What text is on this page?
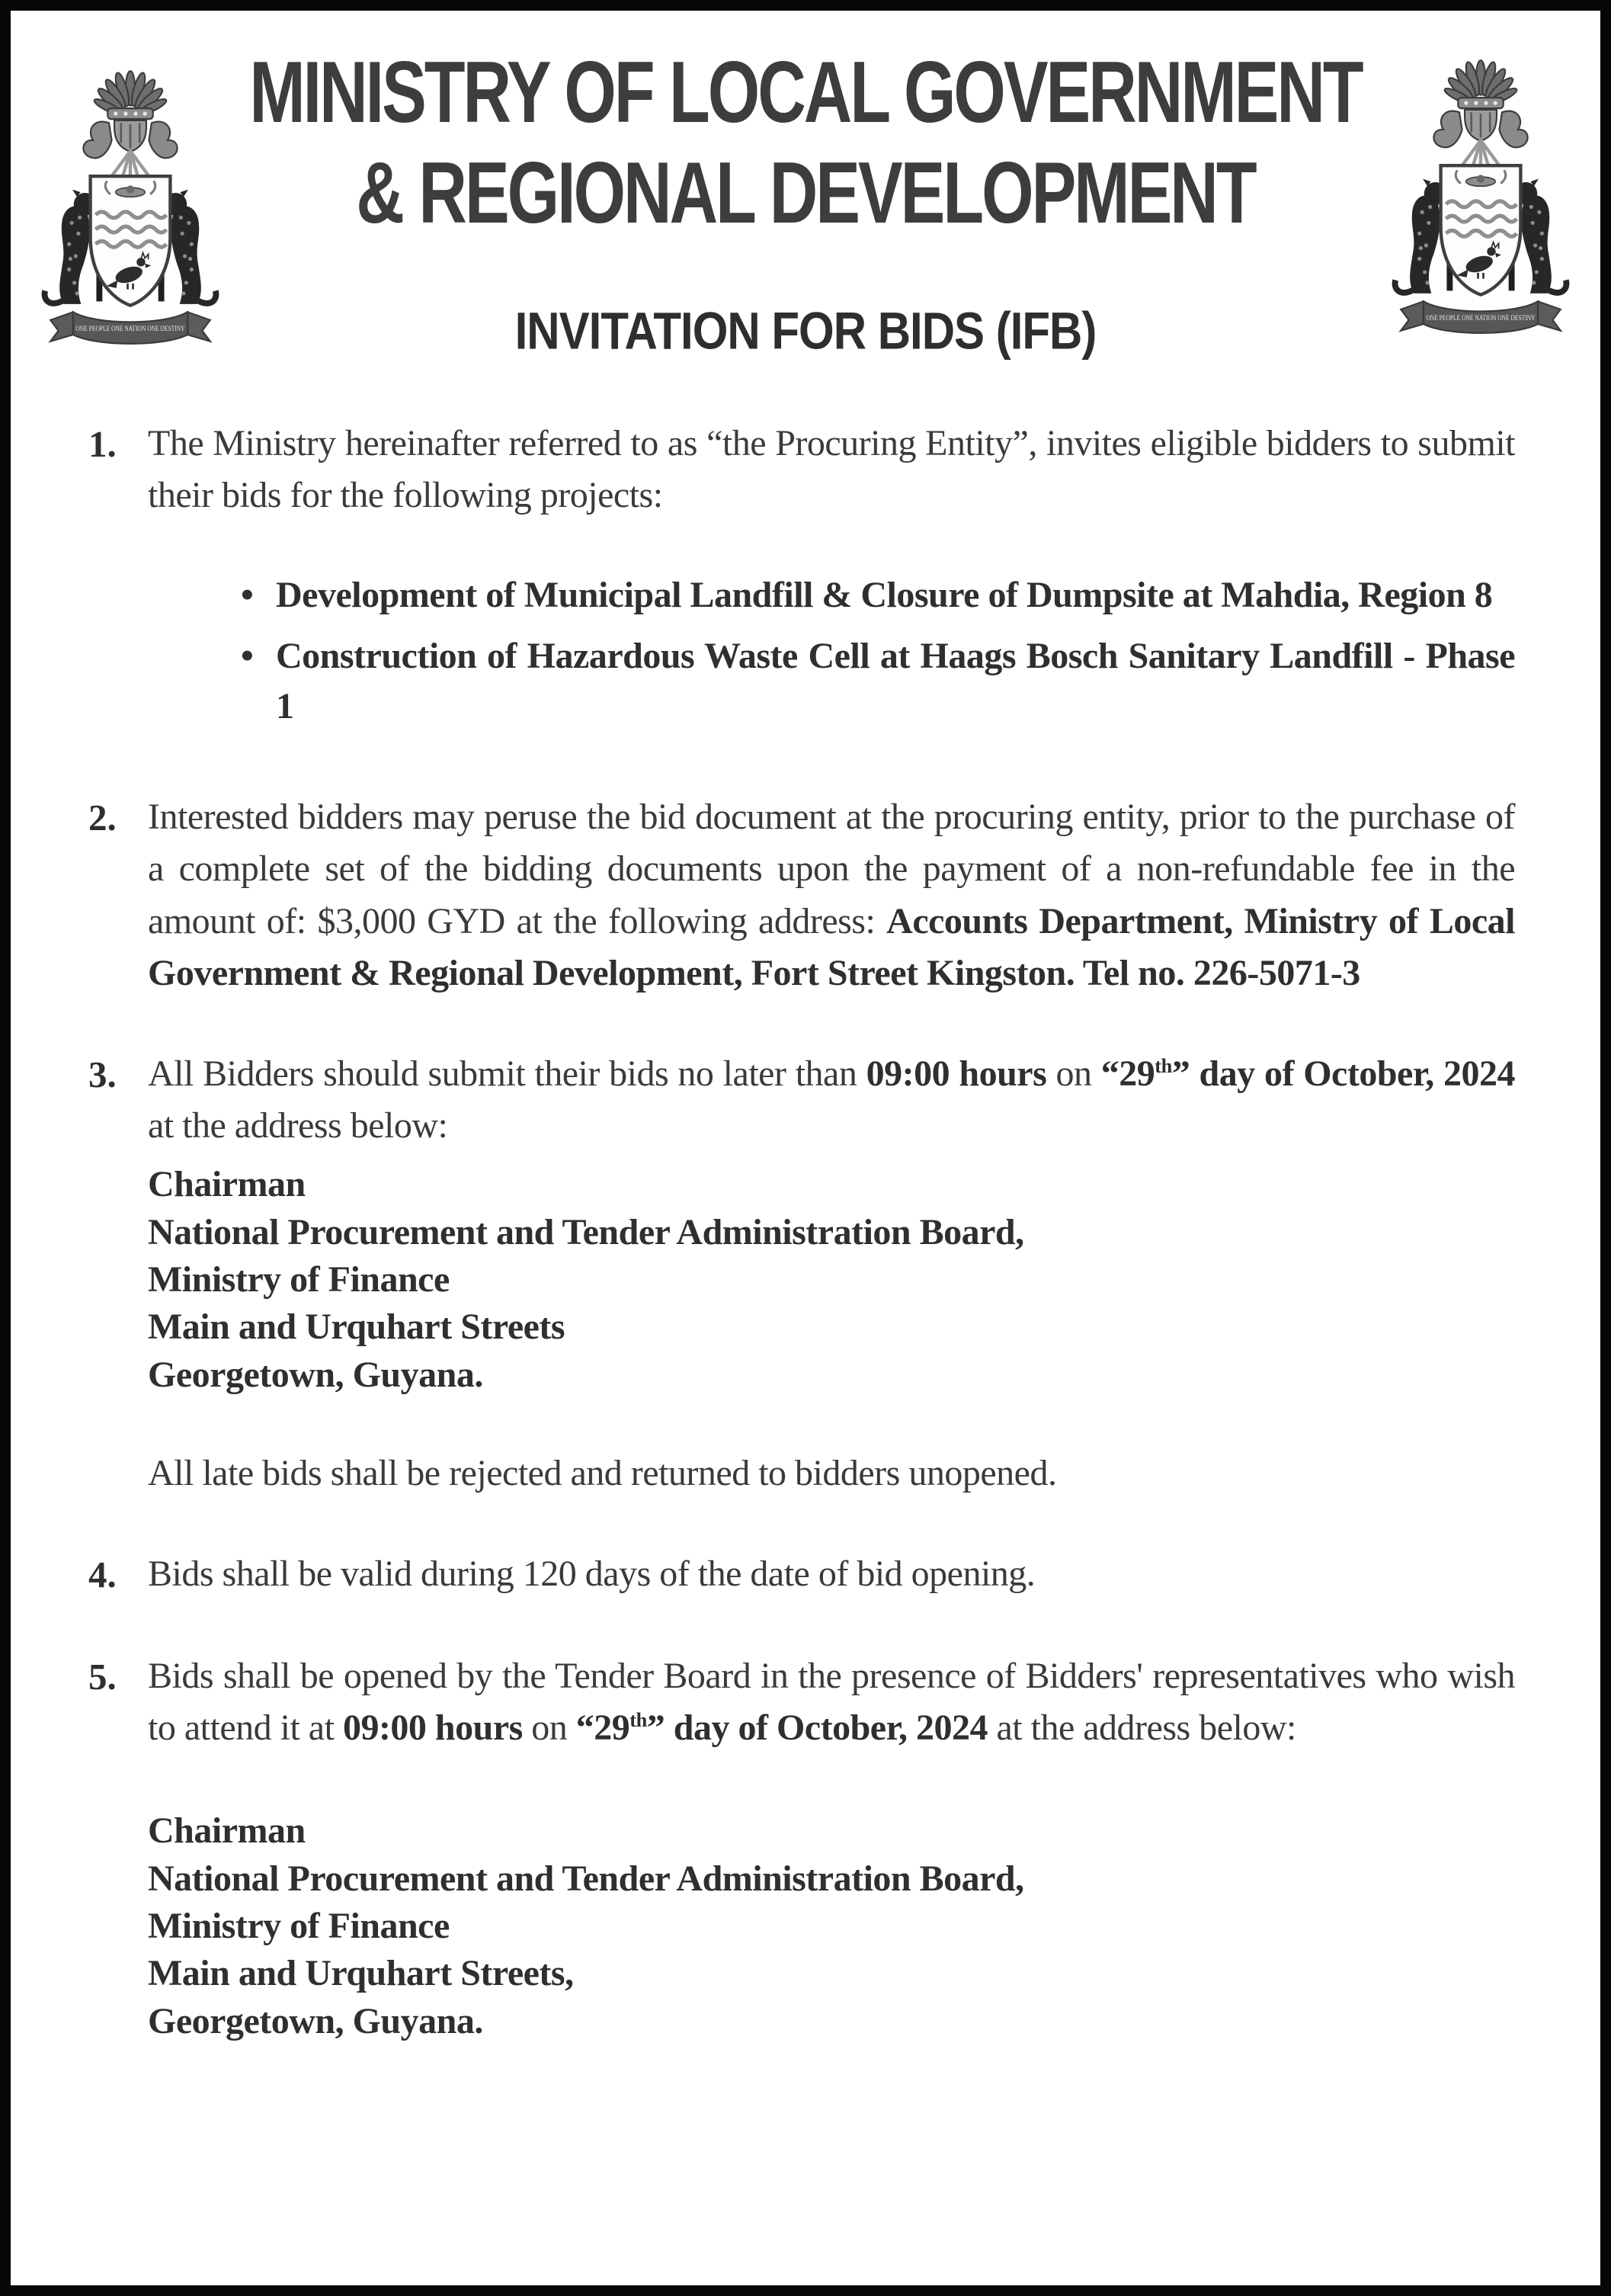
MINISTRY OF LOCAL GOVERNMENT
& REGIONAL DEVELOPMENT
INVITATION FOR BIDS (IFB)
1. The Ministry hereinafter referred to as “the Procuring Entity”, invites eligible bidders to submit their bids for the following projects:

• Development of Municipal Landfill & Closure of Dumpsite at Mahdia, Region 8

• Construction of Hazardous Waste Cell at Haags Bosch Sanitary Landfill - Phase 1

2. Interested bidders may peruse the bid document at the procuring entity, prior to the purchase of a complete set of the bidding documents upon the payment of a non-refundable fee in the amount of: $3,000 GYD at the following address: Accounts Department, Ministry of Local Government & Regional Development, Fort Street Kingston. Tel no. 226-5071-3

3. All Bidders should submit their bids no later than 09:00 hours on “29th” day of October, 2024 at the address below:

Chairman
National Procurement and Tender Administration Board,
Ministry of Finance
Main and Urquhart Streets
Georgetown, Guyana.

All late bids shall be rejected and returned to bidders unopened.

4. Bids shall be valid during 120 days of the date of bid opening.

5. Bids shall be opened by the Tender Board in the presence of Bidders' representatives who wish to attend it at 09:00 hours on “29th” day of October, 2024 at the address below:

Chairman
National Procurement and Tender Administration Board,
Ministry of Finance
Main and Urquhart Streets,
Georgetown, Guyana.
